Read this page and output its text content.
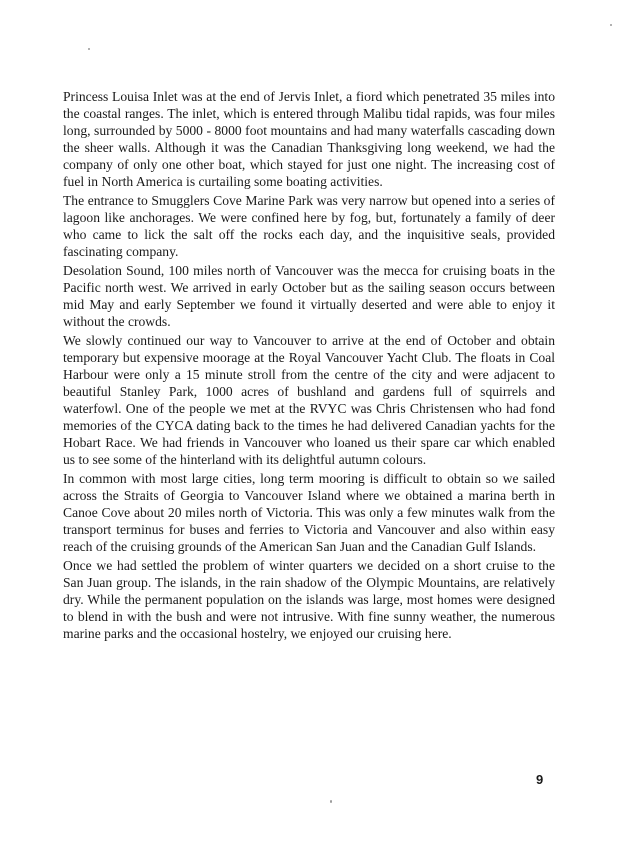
Princess Louisa Inlet was at the end of Jervis Inlet, a fiord which penetrated 35 miles into the coastal ranges. The inlet, which is entered through Malibu tidal rapids, was four miles long, surrounded by 5000 - 8000 foot mountains and had many waterfalls cascading down the sheer walls. Although it was the Canadian Thanksgiving long weekend, we had the company of only one other boat, which stayed for just one night. The increasing cost of fuel in North America is curtailing some boating activities.

The entrance to Smugglers Cove Marine Park was very narrow but opened into a series of lagoon like anchorages. We were confined here by fog, but, fortunately a family of deer who came to lick the salt off the rocks each day, and the inquisitive seals, provided fascinating company.

Desolation Sound, 100 miles north of Vancouver was the mecca for cruising boats in the Pacific north west. We arrived in early October but as the sailing season occurs between mid May and early September we found it virtually deserted and were able to enjoy it without the crowds.

We slowly continued our way to Vancouver to arrive at the end of October and obtain temporary but expensive moorage at the Royal Vancouver Yacht Club. The floats in Coal Harbour were only a 15 minute stroll from the centre of the city and were adjacent to beautiful Stanley Park, 1000 acres of bushland and gardens full of squirrels and waterfowl. One of the people we met at the RVYC was Chris Christensen who had fond memories of the CYCA dating back to the times he had delivered Canadian yachts for the Hobart Race. We had friends in Vancouver who loaned us their spare car which enabled us to see some of the hinterland with its delightful autumn colours.

In common with most large cities, long term mooring is difficult to obtain so we sailed across the Straits of Georgia to Vancouver Island where we obtained a marina berth in Canoe Cove about 20 miles north of Victoria. This was only a few minutes walk from the transport terminus for buses and ferries to Victoria and Vancouver and also within easy reach of the cruising grounds of the American San Juan and the Canadian Gulf Islands.

Once we had settled the problem of winter quarters we decided on a short cruise to the San Juan group. The islands, in the rain shadow of the Olympic Mountains, are relatively dry. While the permanent population on the islands was large, most homes were designed to blend in with the bush and were not intrusive. With fine sunny weather, the numerous marine parks and the occasional hostelry, we enjoyed our cruising here.

9
